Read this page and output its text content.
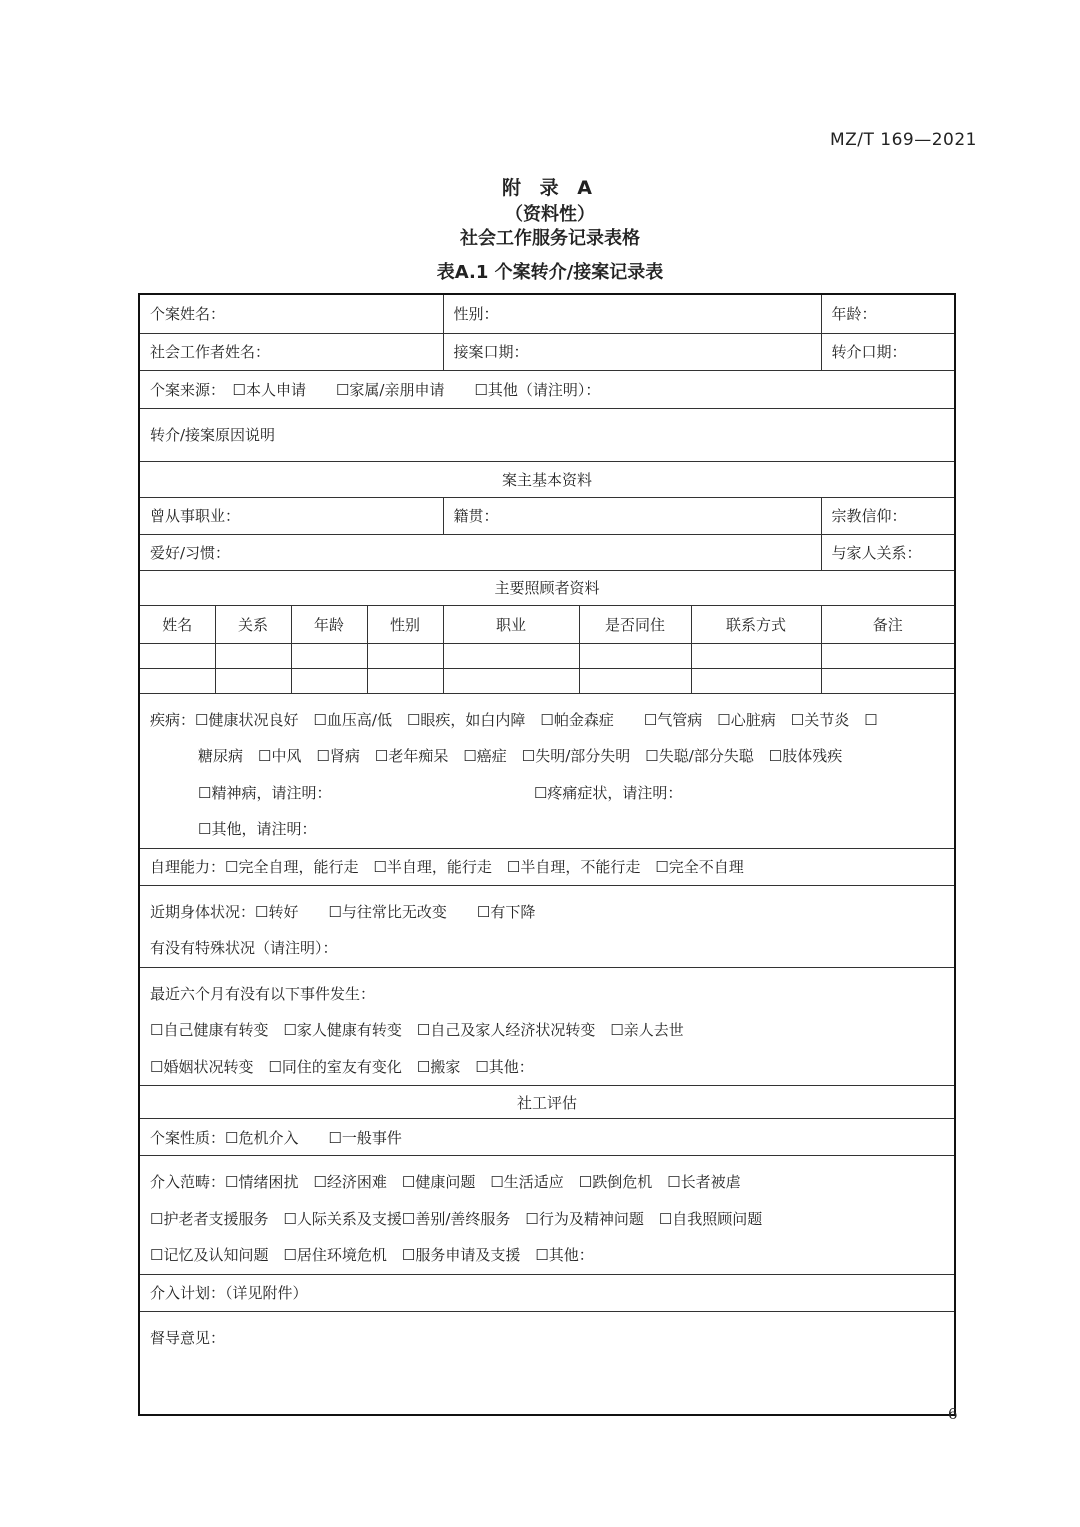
MZ/T 169—2021
附 录 A
（资料性）
社会工作服务记录表格
表A.1 个案转介/接案记录表
个案姓名：				性别：			年龄：
社会工作者姓名：				接案口期：			转介口期：
个案来源：　☐本人申请　　☐家属/亲朋申请　　☐其他（请注明）：							
转介/接案原因说明							
案主基本资料							
曾从事职业：				籍贯：			宗教信仰：
爱好/习惯：							与家人关系：
主要照顾者资料							
姓名	关系	年龄	性别	职业	是否同住	联系方式	备注

疾病：☐健康状况良好　☐血压高/低　☐眼疾，如白内障　☐帕金森症　　☐气管病　☐心脏病　☐关节炎　☐
糖尿病　☐中风　☐肾病　☐老年痴呆　☐癌症　☐失明/部分失明　☐失聪/部分失聪　☐肢体残疾
☐精神病，请注明：　　　　　　　　　　　　　　☐疼痛症状，请注明：
☐其他，请注明：							

自理能力：☐完全自理，能行走　☐半自理，能行走　☐半自理，不能行走　☐完全不自理							

近期身体状况：☐转好　　☐与往常比无改变　　☐有下降
有没有特殊状况（请注明）：							

最近六个月有没有以下事件发生：
☐自己健康有转变　☐家人健康有转变　☐自己及家人经济状况转变　☐亲人去世
☐婚姻状况转变　☐同住的室友有变化　☐搬家　☐其他：							

社工评估							
个案性质：☐危机介入　　☐一般事件							

介入范畴：☐情绪困扰　☐经济困难　☐健康问题　☐生活适应　☐跌倒危机　☐长者被虐
☐护老者支援服务　☐人际关系及支援☐善别/善终服务　☐行为及精神问题　☐自我照顾问题
☐记忆及认知问题　☐居住环境危机　☐服务申请及支援　☐其他：							

介入计划：（详见附件）							

督导意见：							
6
